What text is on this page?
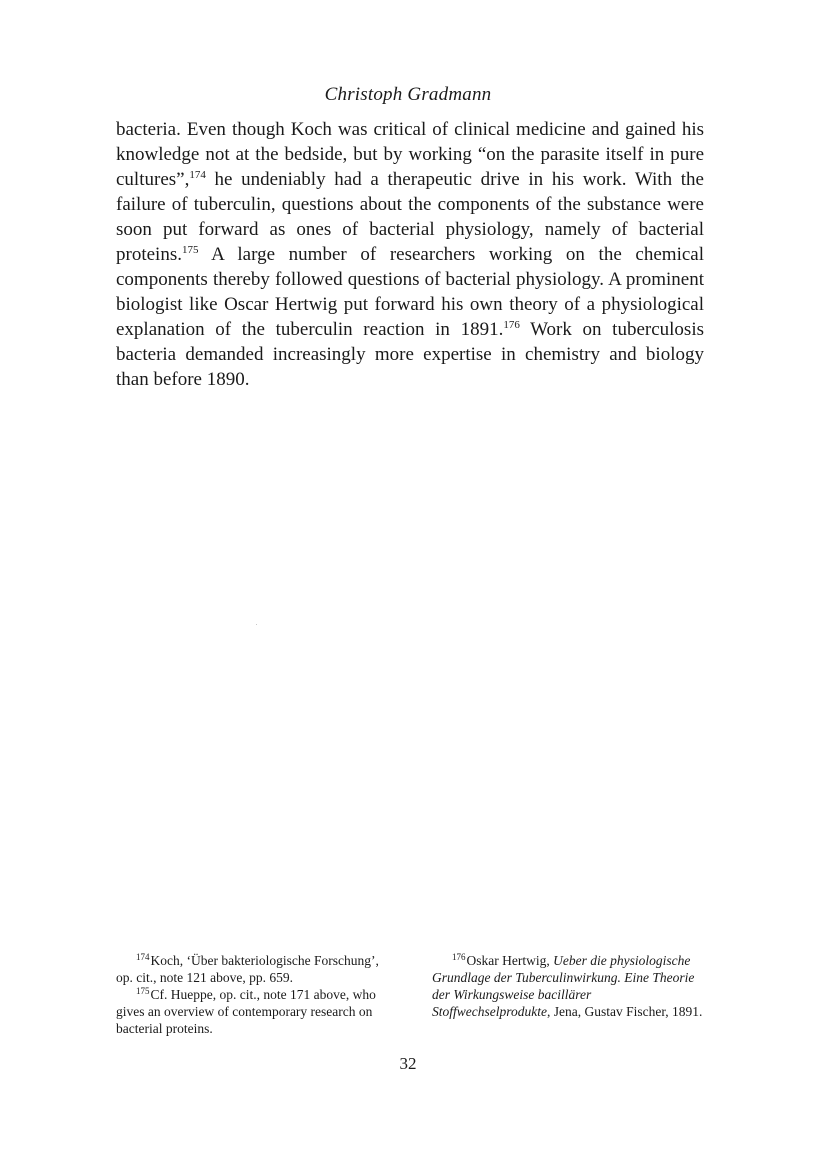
Christoph Gradmann

bacteria. Even though Koch was critical of clinical medicine and gained his knowledge not at the bedside, but by working “on the parasite itself in pure cultures”,$^{174}$ he undeniably had a therapeutic drive in his work. With the failure of tuberculin, questions about the components of the substance were soon put forward as ones of bacterial physiology, namely of bacterial proteins.$^{175}$ A large number of researchers working on the chemical components thereby followed questions of bacterial physiology. A prominent biologist like Oscar Hertwig put forward his own theory of a physiological explanation of the tuberculin reaction in 1891.$^{176}$ Work on tuberculosis bacteria demanded increasingly more expertise in chemistry and biology than before 1890.

$^{174}$Koch, ‘Über bakteriologische Forschung’, op. cit., note 121 above, pp. 659.

$^{175}$Cf. Hueppe, op. cit., note 171 above, who gives an overview of contemporary research on bacterial proteins.

$^{176}$Oskar Hertwig, Ueber die physiologische Grundlage der Tuberculinwirkung. Eine Theorie der Wirkungsweise bacillärer Stoffwechselprodukte, Jena, Gustav Fischer, 1891.

32
